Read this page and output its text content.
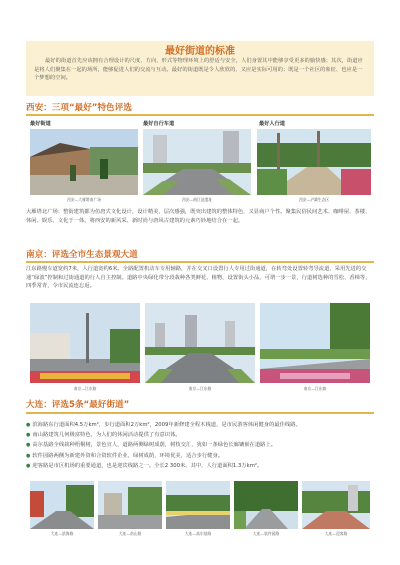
最好街道的标准
最好的街道首先应该拥有合理设计的尺度、方向、形式等物理环境上的舒适与安全，人们身置其中能够享受更多的愉快感；其次，街道应是将人们聚集在一起的场所，能够促进人们的交流与互动。最好的街道既是令人欣欣的、又应是实际可用的；既是一个社区的象征、也应是一个梦想的空间。
西安：三项“最好”特色评选
最好街道	最好自行车道	最好人行道
西安—大雁塔南广场	西安—曲江池遗址	西安—浐灞生态区
大雁塔北广场：整街建筑都为仿唐式文化设计，设计精美，层次感强，既突出建筑的整体特色，又显商户个性。聚集民俗民间艺术、咖啡屋、茶楼、休闲、娱乐、文化于一体，将西安的新风采、新时尚与唐风古建筑的元素巧妙地结合在一起。
南京：评选全市生态景观大道
江东路慢车道宽约7米，人行道宽约6米。全路配置机动车专用辅路，并在交叉口设置行人专用过街通道，在转弯处设置转弯导流道，采用先进的交通“绿波”控制和过街通道的行人自主控制。道路中央绿化带分段栽种各类鲜花、植物，设置街头小品，可谓一步一景，行道树选种的雪松、香樟等，四季常青，令市民流连忘返。
南京—江东路	南京—江东路	南京—江东路
大连：评选5条“最好街道”
● 滨海路东行道面积4.5万km²，步行道面积2万km²，2009年新修建全程木栈道，是市民游客休闲健身的最佳线路。
● 南山路建筑几何极富特色，为人们的休闲活动提供了有意识体。
● 高尔基路全线栽种梧桐树，景色宜人，道路两侧绿树成荫，树枝交汇，犹如一条绿色长廊镶嵌在道路上。
● 软件园路两侧为新建外资和合资软件企业，绿树成荫，环境优美，适合步行健身。
● 迎客路是市区机场的重要通道，也是迎宾线路之一。全长2 300米，其中，人行道面积1.3万km²。
大连—滨海路	大连—南山路	大连—高尔基路	大连—软件园路	大连—迎客路
